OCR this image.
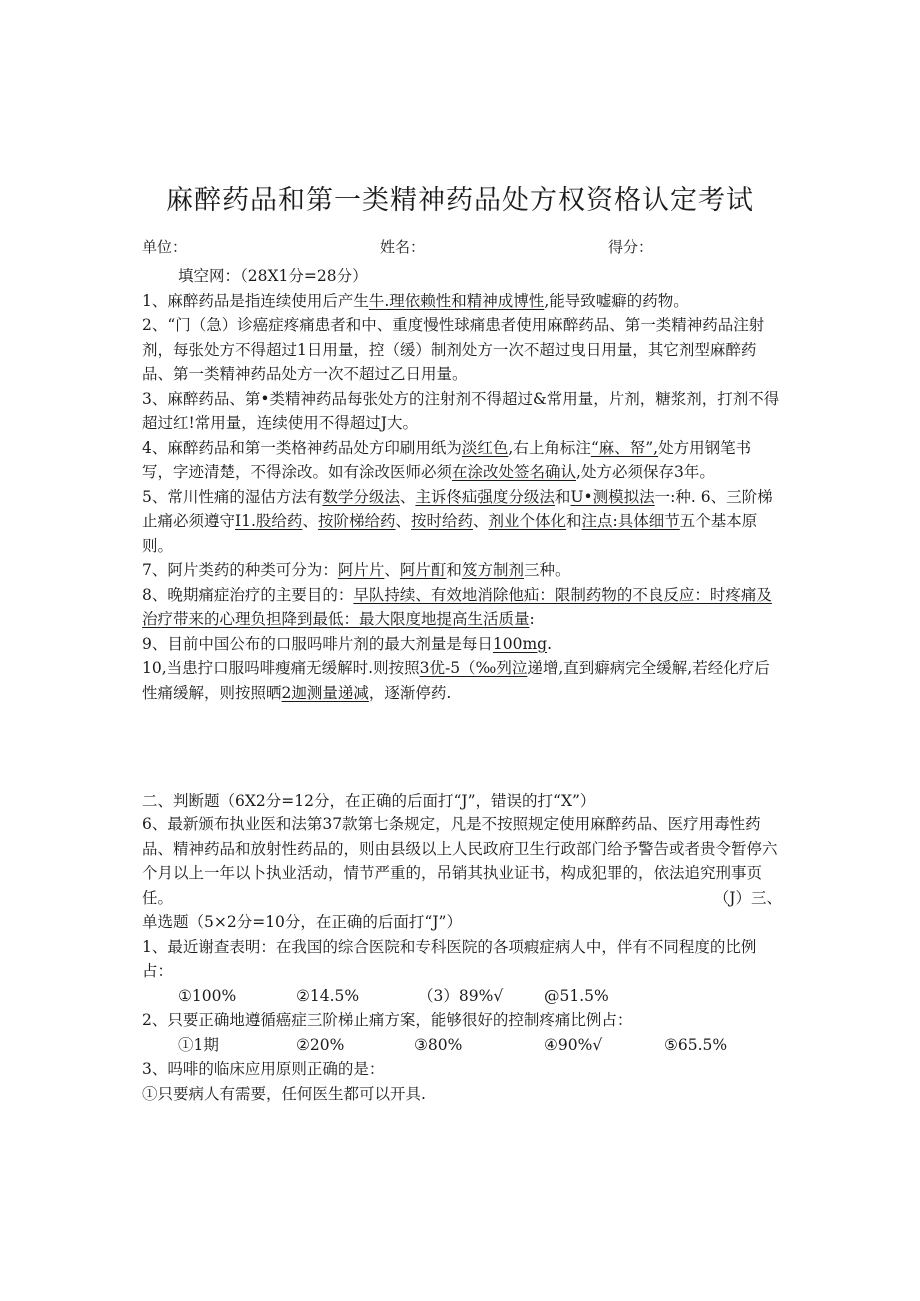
麻醉药品和第一类精神药品处方权资格认定考试
单位：	姓名：	得分：

填空网：（28X1分=28分）

1、麻醉药品是指连续使用后产生牛.理依赖性和精神成博性,能导致嘘癖的药物。

2、“门（急）诊癌症疼痛患者和中、重度慢性球痛患者使用麻醉药品、第一类精神药品注射剂，每张处方不得超过1日用量，控（缓）制剂处方一次不超过曳日用量，其它剂型麻醉药品、第一类精神药品处方一次不超过乙日用量。

3、麻醉药品、第•类精神药品每张处方的注射剂不得超过&常用量，片剂，糖浆剂，打剂不得超过红!常用量，连续使用不得超过J大。

4、麻醉药品和第一类格神药品处方印刷用纸为淡红色,右上角标注“麻、帑”,处方用钢笔书写，字迹清楚，不得涂改。如有涂改医师必须在涂改处签名确认,处方必须保存3年。

5、常川性痛的湿估方法有数学分级法、主诉佟疝强度分级法和U•测模拟法一:种. 6、三阶梯止痛必须遵守I1.股给药、按阶梯给药、按时给药、剂业个体化和注点:具体细节五个基本原则。

7、阿片类药的种类可分为：阿片片、阿片酊和笈方制剂三种。

8、晚期痛症治疗的主要目的：早队持续、有效地消除他疝：限制药物的不良反应：时疼痛及治疗带来的心理负担降到最低：最大限度地提高生活质量:

9、目前中国公布的口服吗啡片剂的最大剂量是每日100mg.

10,当患拧口服吗啡瘦痛无缓解时.则按照3优-5（‰列泣递增,直到癖病完全缓解,若经化疗后性痛缓解，则按照晒2迦测量递减，逐渐停药.

二、判断题（6X2分=12分，在正确的后面打“J”，错误的打“X”）

6、最新颁布执业医和法第37款第七条规定，凡是不按照规定使用麻醉药品、医疗用毒性药品、精神药品和放射性药品的，则由县级以上人民政府卫生行政部门给予警告或者贵令暂停六个月以上一年以卜执业活动，情节严重的，吊销其执业证书，构成犯罪的，依法追究刑事页任。	（J）三、

单选题（5×2分=10分，在正确的后面打“J”）

1、最近谢查表明：在我国的综合医院和专科医院的各项瘕症病人中，伴有不同程度的比例占：

①100%	②14.5%	（3）89%√	@51.5%

2、只要正确地遵循癌症三阶梯止痛方案，能够很好的控制疼痛比例占：

①1期	②20%	③80%	④90%√	⑤65.5%

3、吗啡的临床应用原则正确的是：

①只要病人有需要，任何医生都可以开具.
